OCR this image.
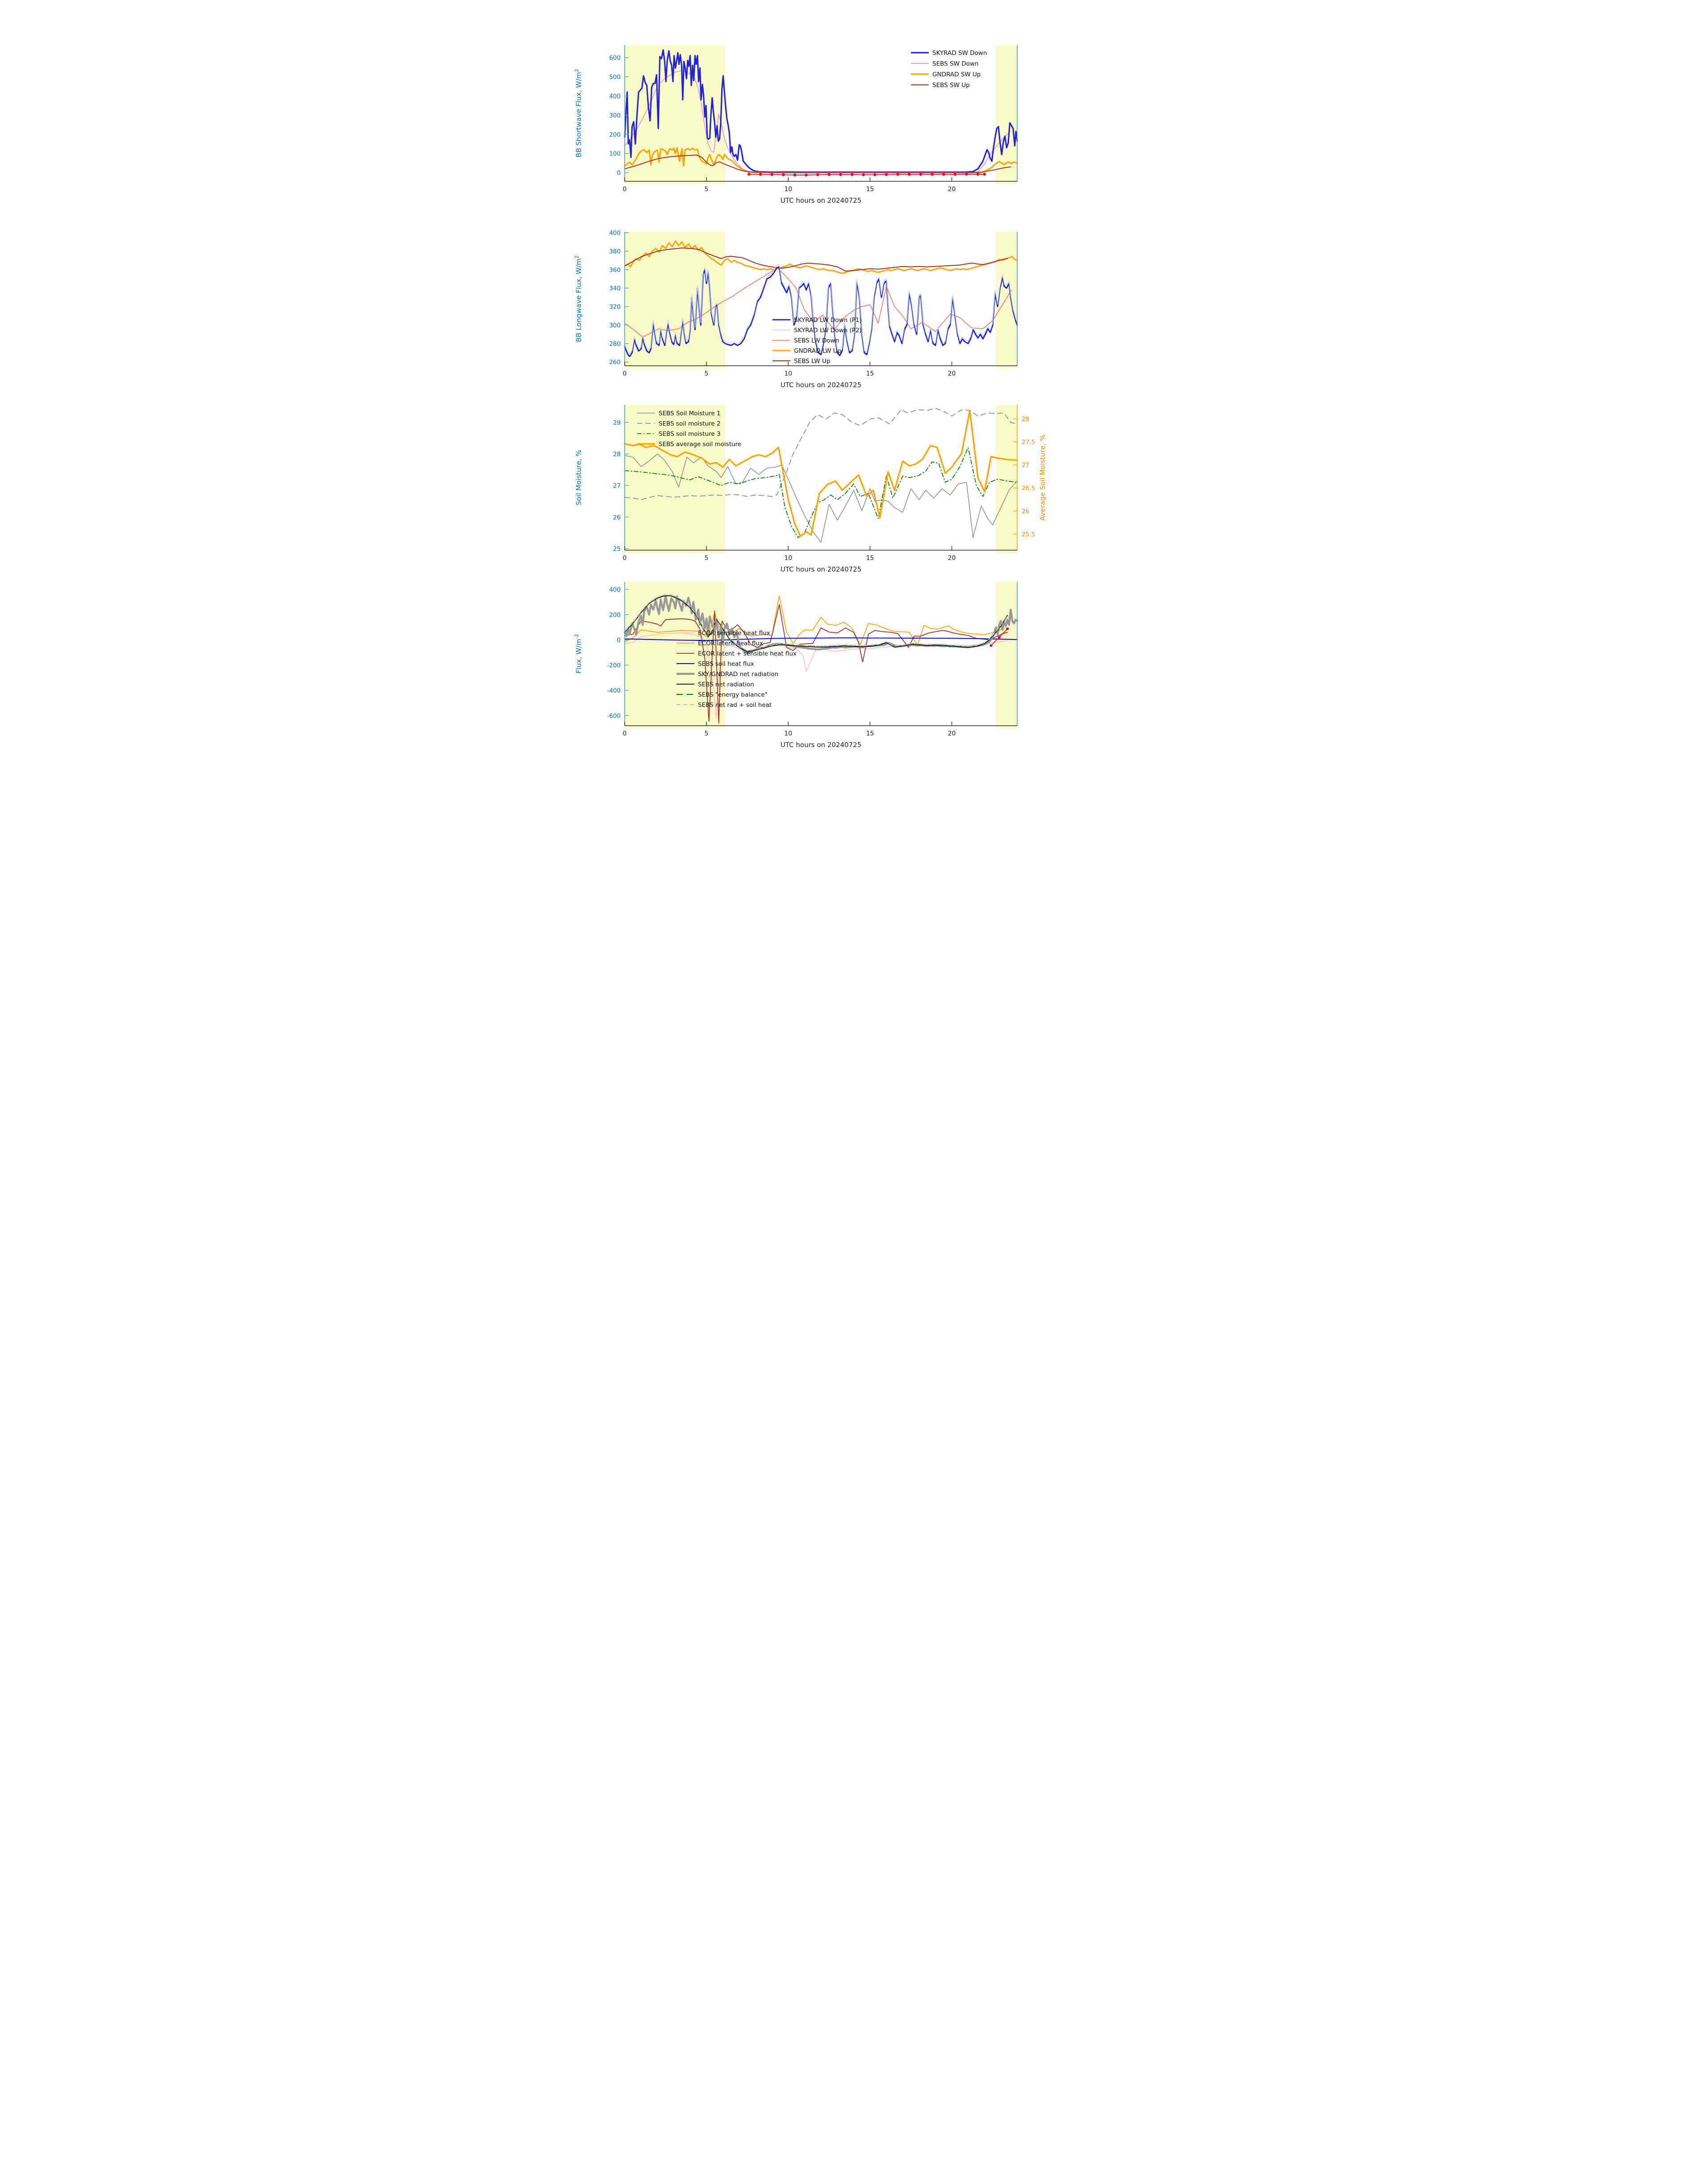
0
100
200
300
400
500
600
0	5	10	15	20
BB Shortwave Flux, $W/m^2$
UTC hours on 20240725
SKYRAD SW Down
SEBS SW Down
GNDRAD SW Up
SEBS SW Up
260
280
300
320
340
360
380
400
0	5	10	15	20
BB Longwave Flux, $W/m^2$
UTC hours on 20240725
SKYRAD LW Down (P1)
SKYRAD LW Down (P2)
SEBS LW Down
GNDRAD LW Up
SEBS LW Up
25
26
27
28
29
25.5
26
26.5
27
27.5
28
0	5	10	15	20
Soil Moisture, %	Average Soil Moisture, %
UTC hours on 20240725
SEBS Soil Moisture 1
SEBS soil moisture 2
SEBS soil moisture 3
SEBS average soil moisture
-600
-400
-200
0
200
400
0	5	10	15	20
Flux, $W/m^{-2}$
UTC hours on 20240725
ECOR sensible heat flux
ECOR latent heat flux
ECOR latent + sensible heat flux
SEBS soil heat flux
SKY/GNDRAD net radiation
SEBS net radiation
SEBS "energy balance"
SEBS net rad + soil heat
